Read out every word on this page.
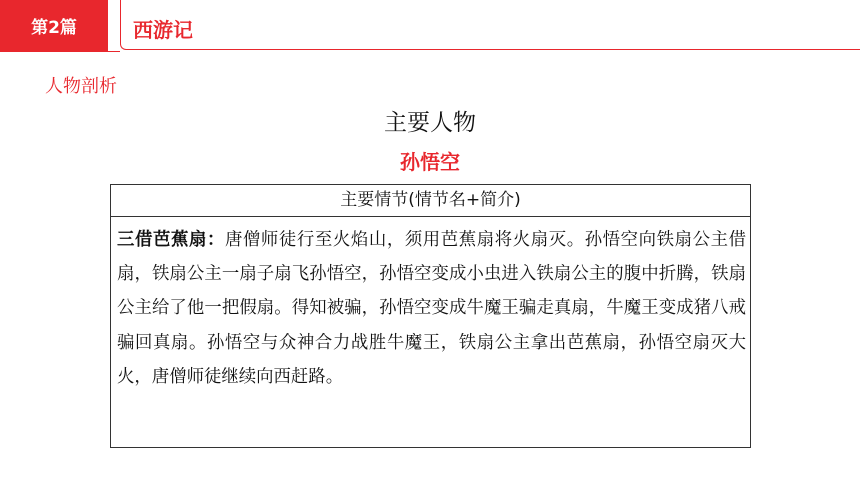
第2篇	西游记
人物剖析
主要人物
孙悟空
主要情节(情节名+简介)
三借芭蕉扇：唐僧师徒行至火焰山，须用芭蕉扇将火扇灭。孙悟空向铁扇公主借扇，铁扇公主一扇子扇飞孙悟空，孙悟空变成小虫进入铁扇公主的腹中折腾，铁扇公主给了他一把假扇。得知被骗，孙悟空变成牛魔王骗走真扇，牛魔王变成猪八戒骗回真扇。孙悟空与众神合力战胜牛魔王，铁扇公主拿出芭蕉扇，孙悟空扇灭大火，唐僧师徒继续向西赶路。
